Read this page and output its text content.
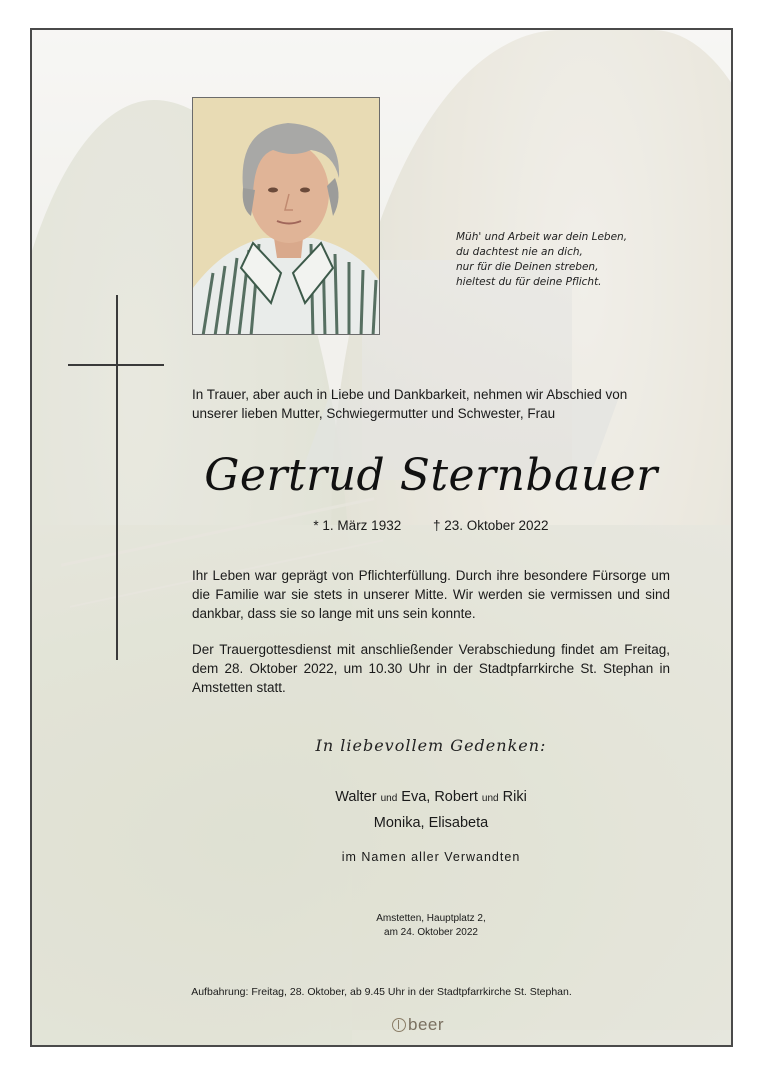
Müh' und Arbeit war dein Leben,
du dachtest nie an dich,
nur für die Deinen streben,
hieltest du für deine Pflicht.
In Trauer, aber auch in Liebe und Dankbarkeit, nehmen wir Abschied von unserer lieben Mutter, Schwiegermutter und Schwester, Frau
Gertrud Sternbauer
* 1. März 1932 † 23. Oktober 2022
Ihr Leben war geprägt von Pflichterfüllung. Durch ihre besondere Fürsorge um die Familie war sie stets in unserer Mitte. Wir werden sie vermissen und sind dankbar, dass sie so lange mit uns sein konnte.
Der Trauergottesdienst mit anschließender Verabschiedung findet am Freitag, dem 28. Oktober 2022, um 10.30 Uhr in der Stadtpfarrkirche St. Stephan in Amstetten statt.
In liebevollem Gedenken:
Walter und Eva, Robert und Riki
Monika, Elisabeta
im Namen aller Verwandten
Amstetten, Hauptplatz 2,
am 24. Oktober 2022
Aufbahrung: Freitag, 28. Oktober, ab 9.45 Uhr in der Stadtpfarrkirche St. Stephan.
beer
